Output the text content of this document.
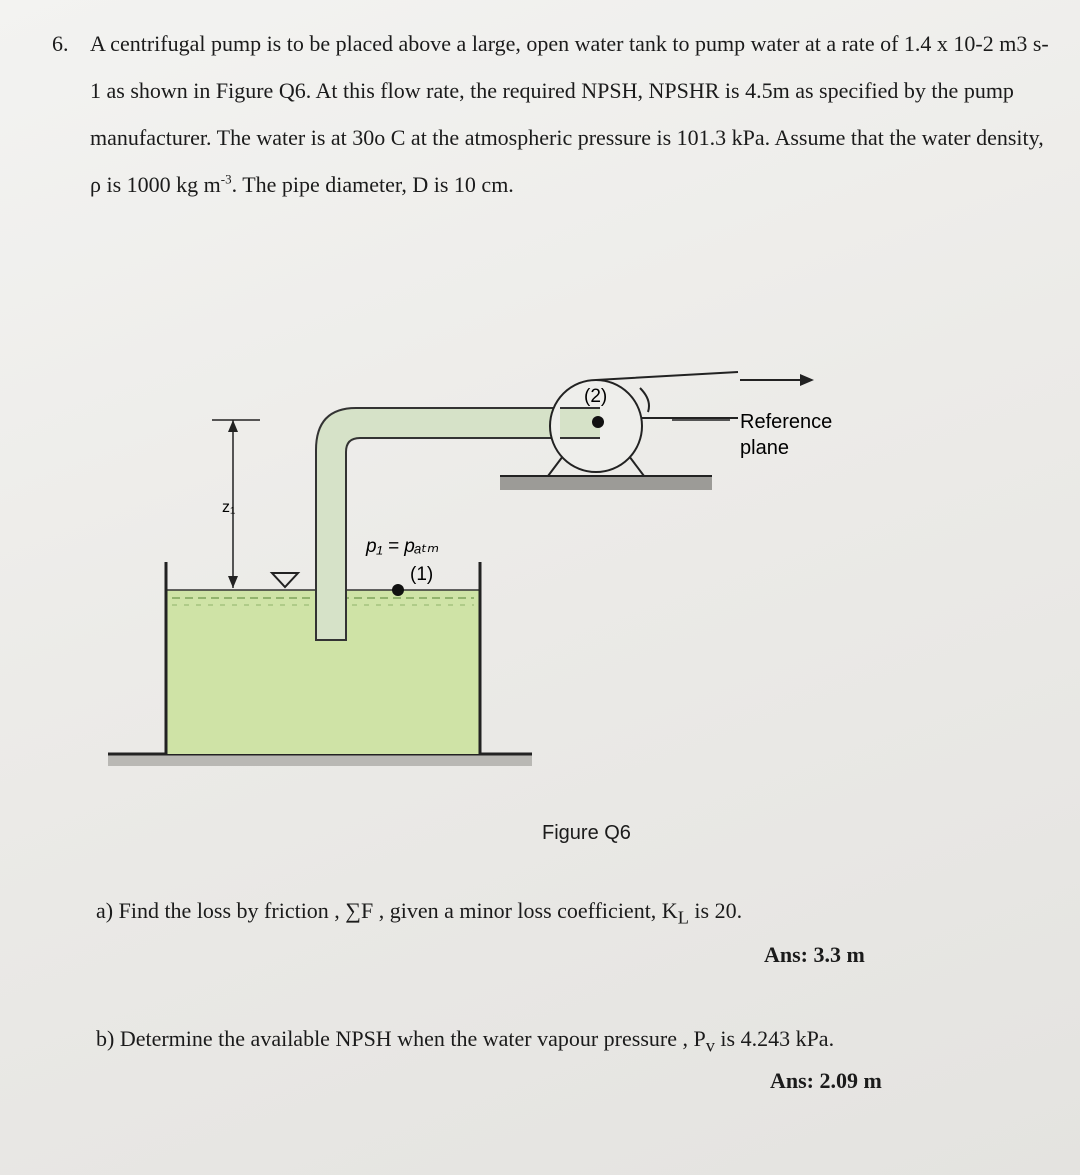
6. A centrifugal pump is to be placed above a large, open water tank to pump water at a rate of 1.4 x 10-2 m3 s-1 as shown in Figure Q6. At this flow rate, the required NPSH, NPSHR is 4.5m as specified by the pump manufacturer. The water is at 30o C at the atmospheric pressure is 101.3 kPa. Assume that the water density, ρ is 1000 kg $m^{-3}$. The pipe diameter, D is 10 cm.
(2)
Reference
plane
z₁
p₁ = pₐₜₘ
(1)
Figure Q6
a) Find the loss by friction , ∑F , given a minor loss coefficient, $K_L$ is 20.
Ans: 3.3 m
b) Determine the available NPSH when the water vapour pressure , $P_v$ is 4.243 kPa.
Ans: 2.09 m
